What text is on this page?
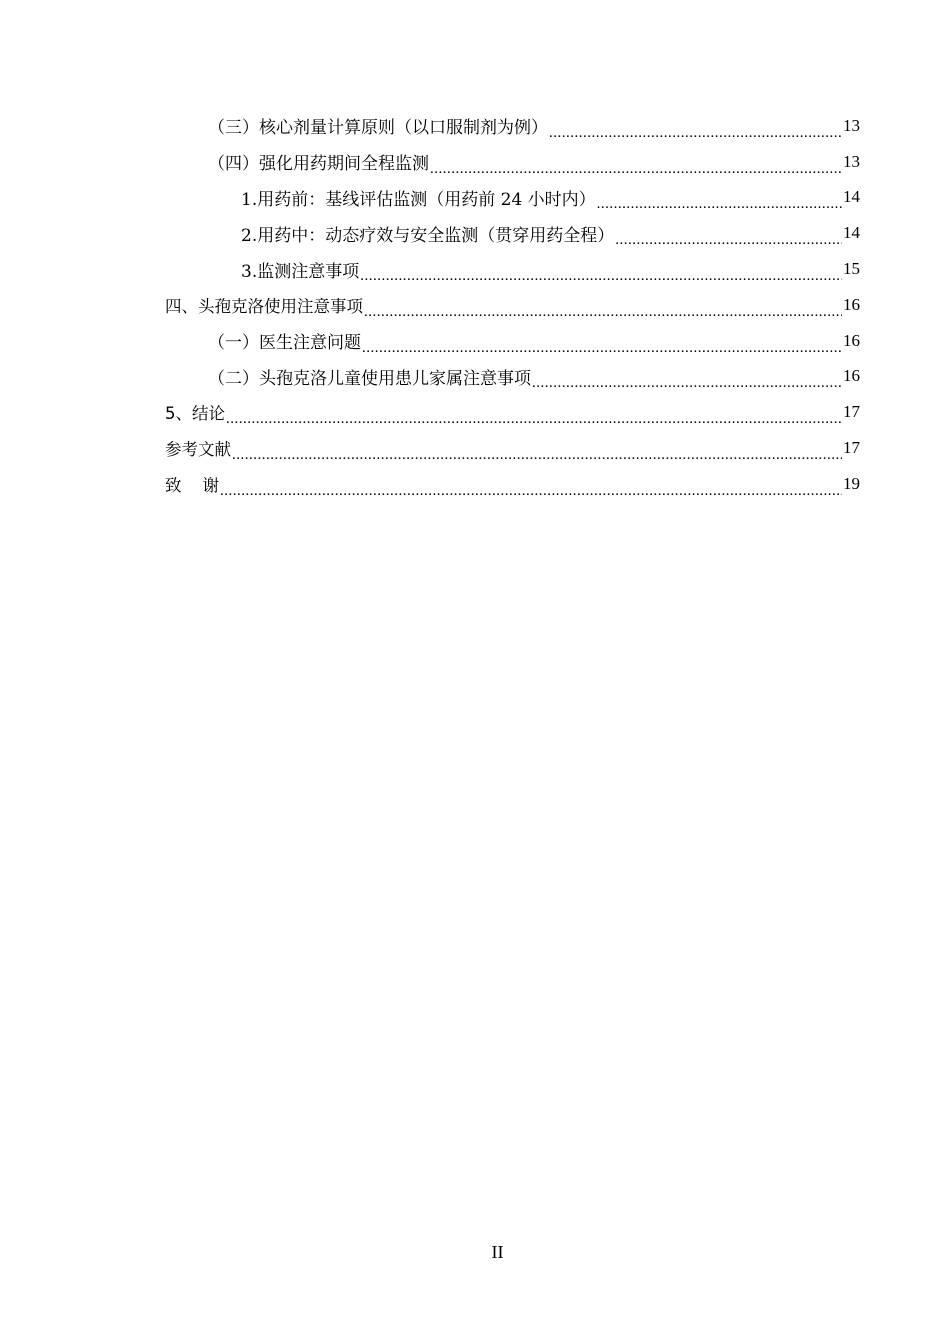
（三）核心剂量计算原则（以口服制剂为例） .....	13
（四）强化用药期间全程监测 .....	13
1.用药前：基线评估监测（用药前 24 小时内） .....	14
2.用药中：动态疗效与安全监测（贯穿用药全程） .....	14
3.监测注意事项 .....	15
四、头孢克洛使用注意事项 .....	16
（一）医生注意问题 .....	16
（二）头孢克洛儿童使用患儿家属注意事项 .....	16
5、结论 .....	17
参考文献 .....	17
致    谢 .....	19
II
